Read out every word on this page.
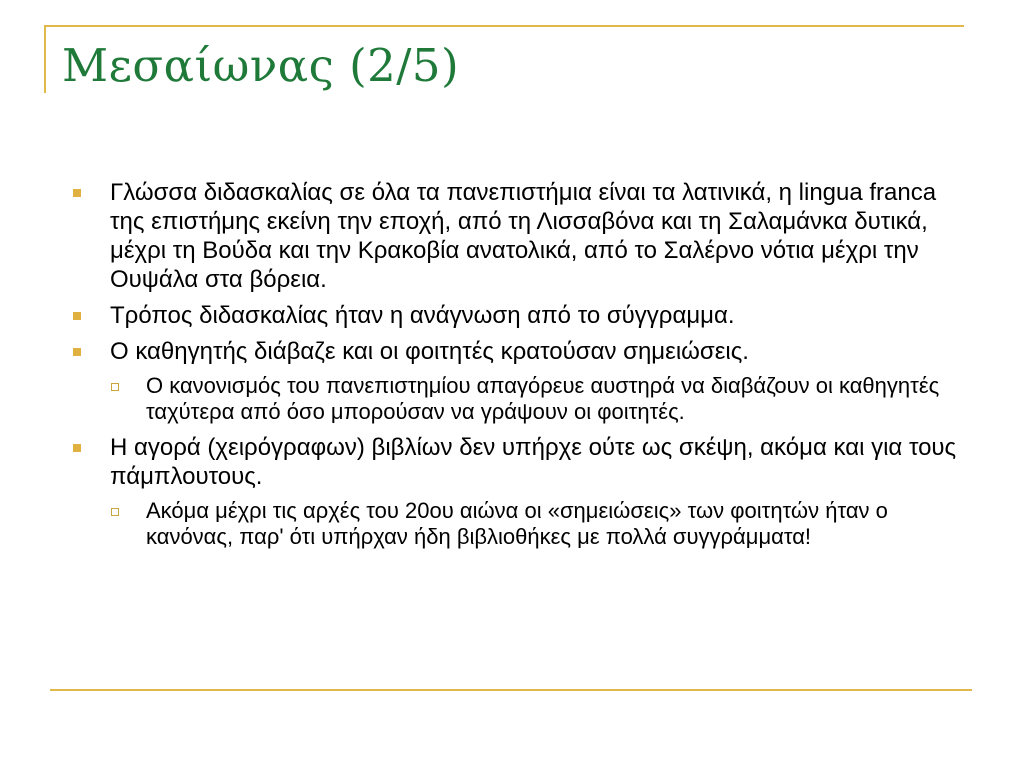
Μεσαίωνας (2/5)
Γλώσσα διδασκαλίας σε όλα τα πανεπιστήμια είναι τα λατινικά, η lingua franca της επιστήμης εκείνη την εποχή, από τη Λισσαβόνα και τη Σαλαμάνκα δυτικά, μέχρι τη Βούδα και την Κρακοβία ανατολικά, από το Σαλέρνο νότια μέχρι την Ουψάλα στα βόρεια.
Τρόπος διδασκαλίας ήταν η ανάγνωση από το σύγγραμμα.
Ο καθηγητής διάβαζε και οι φοιτητές κρατούσαν σημειώσεις.
Ο κανονισμός του πανεπιστημίου απαγόρευε αυστηρά να διαβάζουν οι καθηγητές ταχύτερα από όσο μπορούσαν να γράψουν οι φοιτητές.
Η αγορά (χειρόγραφων) βιβλίων δεν υπήρχε ούτε ως σκέψη, ακόμα και για τους πάμπλουτους.
Ακόμα μέχρι τις αρχές του 20ου αιώνα οι «σημειώσεις» των φοιτητών ήταν ο κανόνας, παρ' ότι υπήρχαν ήδη βιβλιοθήκες με πολλά συγγράμματα!
